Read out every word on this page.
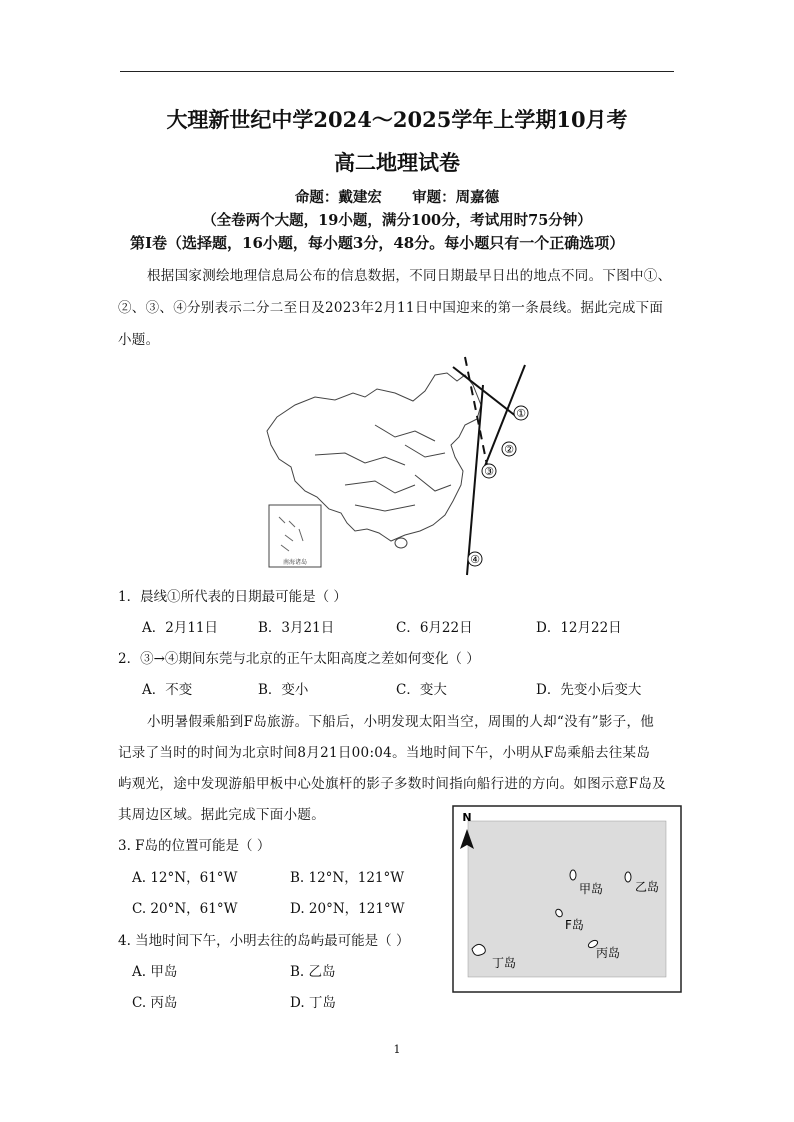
大理新世纪中学2024～2025学年上学期10月考
高二地理试卷
命题：戴建宏      审题：周嘉德
（全卷两个大题，19小题，满分100分，考试用时75分钟）
第Ⅰ卷（选择题，16小题，每小题3分，48分。每小题只有一个正确选项）
根据国家测绘地理信息局公布的信息数据，不同日期最早日出的地点不同。下图中①、
②、③、④分别表示二分二至日及2023年2月11日中国迎来的第一条晨线。据此完成下面
小题。
南海诸岛
①
②
③
④
1．晨线①所代表的日期最可能是（ ）
A．2月11日	B．3月21日	C．6月22日	D．12月22日
2．③→④期间东莞与北京的正午太阳高度之差如何变化（ ）
A．不变	B．变小	C．变大	D．先变小后变大
小明暑假乘船到F岛旅游。下船后，小明发现太阳当空，周围的人却“没有”影子，他
记录了当时的时间为北京时间8月21日00:04。当地时间下午，小明从F岛乘船去往某岛
屿观光，途中发现游船甲板中心处旗杆的影子多数时间指向船行进的方向。如图示意F岛及
其周边区域。据此完成下面小题。
3. F岛的位置可能是（ ）
A. 12°N，61°W	B. 12°N，121°W
C. 20°N，61°W	D. 20°N，121°W
4. 当地时间下午，小明去往的岛屿最可能是（ ）
A. 甲岛	B. 乙岛
C. 丙岛	D. 丁岛
N
甲岛	乙岛
F岛
丙岛
丁岛
1
